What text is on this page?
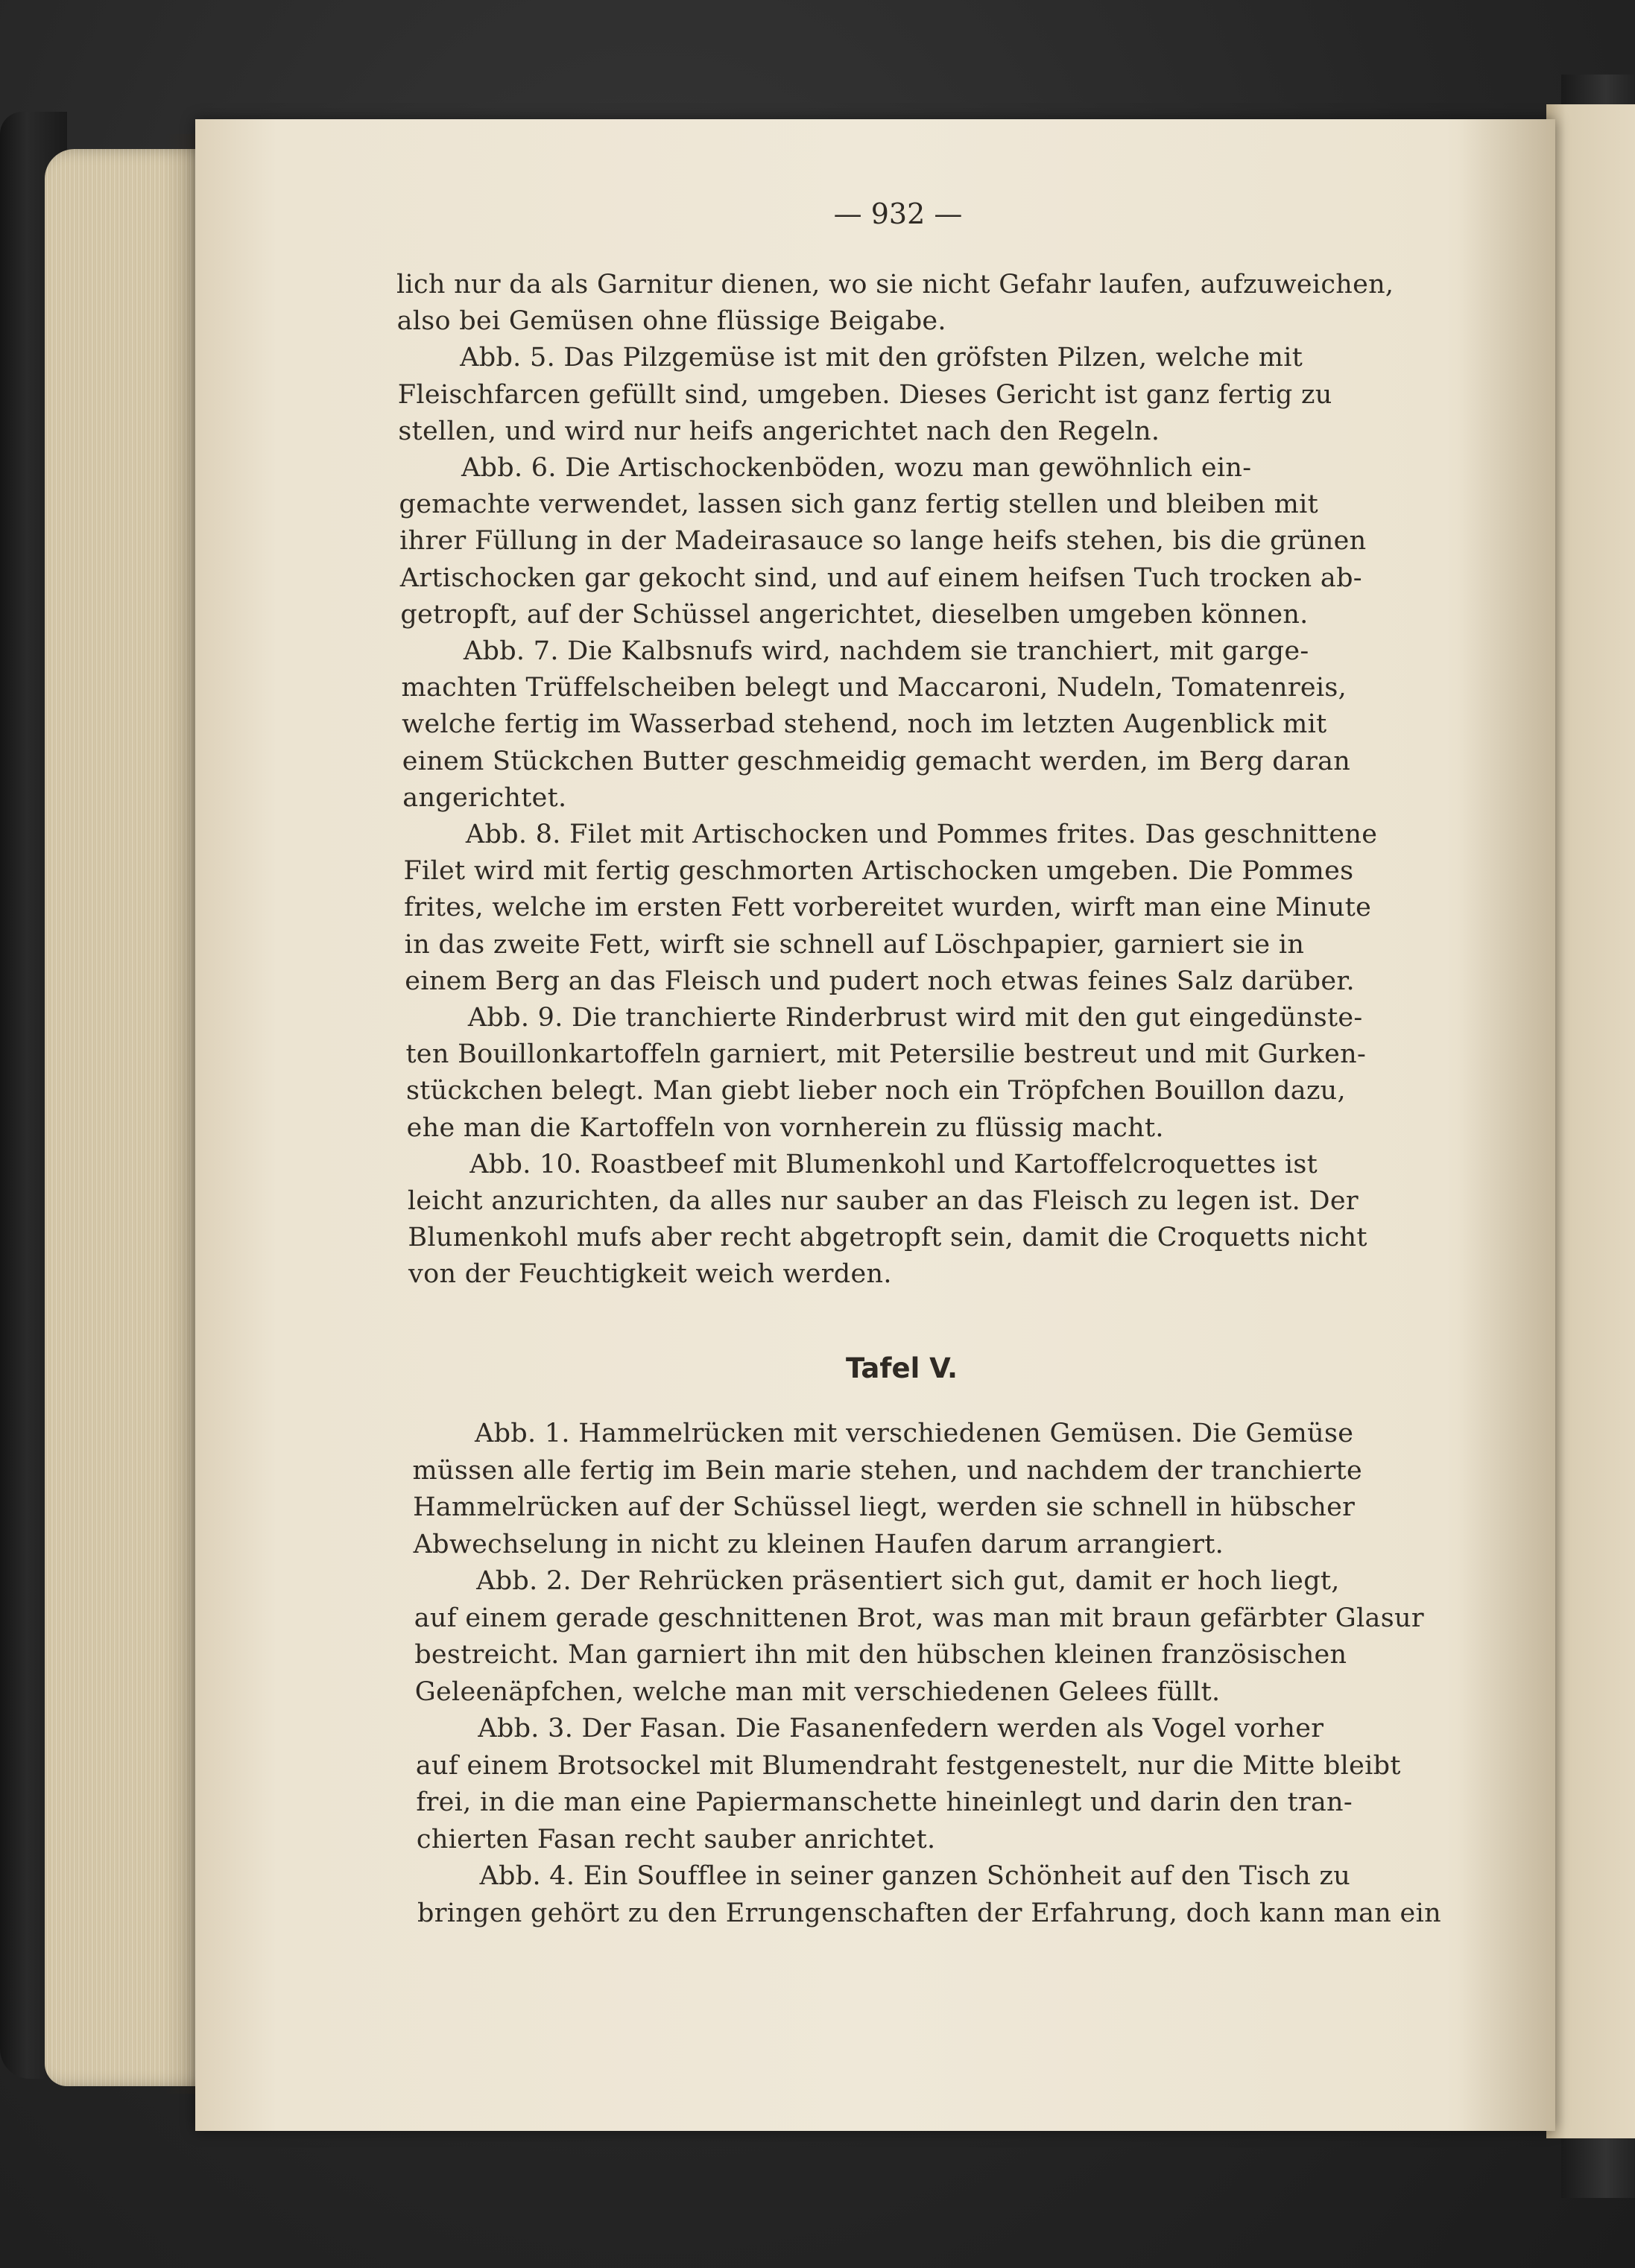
— 932 —
lich nur da als Garnitur dienen, wo sie nicht Gefahr laufen, aufzuweichen,
also bei Gemüsen ohne flüssige Beigabe.
Abb. 5. Das Pilzgemüse ist mit den gröfsten Pilzen, welche mit
Fleischfarcen gefüllt sind, umgeben. Dieses Gericht ist ganz fertig zu
stellen, und wird nur heifs angerichtet nach den Regeln.
Abb. 6. Die Artischockenböden, wozu man gewöhnlich ein-
gemachte verwendet, lassen sich ganz fertig stellen und bleiben mit
ihrer Füllung in der Madeirasauce so lange heifs stehen, bis die grünen
Artischocken gar gekocht sind, und auf einem heifsen Tuch trocken ab-
getropft, auf der Schüssel angerichtet, dieselben umgeben können.
Abb. 7. Die Kalbsnufs wird, nachdem sie tranchiert, mit garge-
machten Trüffelscheiben belegt und Maccaroni, Nudeln, Tomatenreis,
welche fertig im Wasserbad stehend, noch im letzten Augenblick mit
einem Stückchen Butter geschmeidig gemacht werden, im Berg daran
angerichtet.
Abb. 8. Filet mit Artischocken und Pommes frites. Das geschnittene
Filet wird mit fertig geschmorten Artischocken umgeben. Die Pommes
frites, welche im ersten Fett vorbereitet wurden, wirft man eine Minute
in das zweite Fett, wirft sie schnell auf Löschpapier, garniert sie in
einem Berg an das Fleisch und pudert noch etwas feines Salz darüber.
Abb. 9. Die tranchierte Rinderbrust wird mit den gut eingedünste-
ten Bouillonkartoffeln garniert, mit Petersilie bestreut und mit Gurken-
stückchen belegt. Man giebt lieber noch ein Tröpfchen Bouillon dazu,
ehe man die Kartoffeln von vornherein zu flüssig macht.
Abb. 10. Roastbeef mit Blumenkohl und Kartoffelcroquettes ist
leicht anzurichten, da alles nur sauber an das Fleisch zu legen ist. Der
Blumenkohl mufs aber recht abgetropft sein, damit die Croquetts nicht
von der Feuchtigkeit weich werden.
Tafel V.
Abb. 1. Hammelrücken mit verschiedenen Gemüsen. Die Gemüse
müssen alle fertig im Bein marie stehen, und nachdem der tranchierte
Hammelrücken auf der Schüssel liegt, werden sie schnell in hübscher
Abwechselung in nicht zu kleinen Haufen darum arrangiert.
Abb. 2. Der Rehrücken präsentiert sich gut, damit er hoch liegt,
auf einem gerade geschnittenen Brot, was man mit braun gefärbter Glasur
bestreicht. Man garniert ihn mit den hübschen kleinen französischen
Geleenäpfchen, welche man mit verschiedenen Gelees füllt.
Abb. 3. Der Fasan. Die Fasanenfedern werden als Vogel vorher
auf einem Brotsockel mit Blumendraht festgenestelt, nur die Mitte bleibt
frei, in die man eine Papiermanschette hineinlegt und darin den tran-
chierten Fasan recht sauber anrichtet.
Abb. 4. Ein Soufflee in seiner ganzen Schönheit auf den Tisch zu
bringen gehört zu den Errungenschaften der Erfahrung, doch kann man ein
